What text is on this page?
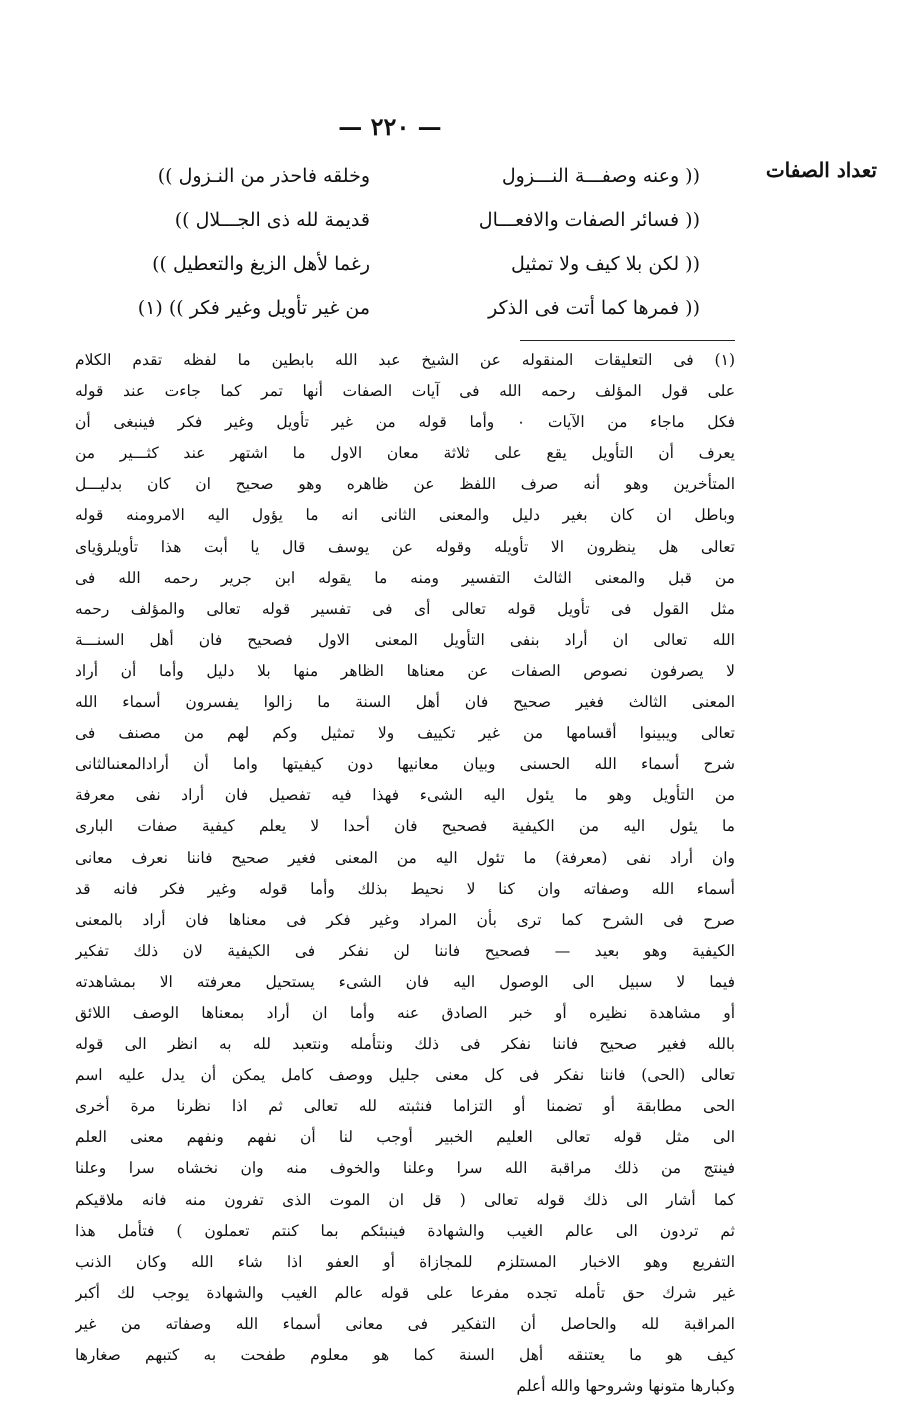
— ٢٢٠ —
تعداد الصفات
(( وعنه وصفـــة النـــزول
وخلقه فاحذر من النـزول ))
(( فسائر الصفات والافعـــال
قديمة لله ذى الجـــلال ))
(( لكن بلا كيف ولا تمثيل
رغما لأهل الزيغ والتعطيل ))
(( فمرها كما أتت فى الذكر
من غير تأويل وغير فكر )) (١)
(١) فى التعليقات المنقوله عن الشيخ عبد الله بابطين ما لفظه تقدم الكلام
على قول المؤلف رحمه الله فى آيات الصفات أنها تمر كما جاءت عند قوله
فكل ماجاء من الآيات ٠ وأما قوله من غير تأويل وغير فكر فينبغى أن
يعرف أن التأويل يقع على ثلاثة معان الاول ما اشتهر عند كثـــير من
المتأخرين وهو أنه صرف اللفظ عن ظاهره وهو صحيح ان كان بدليـــل
وباطل ان كان بغير دليل والمعنى الثانى انه ما يؤول اليه الامرومنه قوله
تعالى هل ينظرون الا تأويله وقوله عن يوسف قال يا أبت هذا تأويلرؤياى
من قبل والمعنى الثالث التفسير ومنه ما يقوله ابن جرير رحمه الله فى
مثل القول فى تأويل قوله تعالى أى فى تفسير قوله تعالى والمؤلف رحمه
الله تعالى ان أراد بنفى التأويل المعنى الاول فصحيح فان أهل السنـــة
لا يصرفون نصوص الصفات عن معناها الظاهر منها بلا دليل وأما أن أراد
المعنى الثالث فغير صحيح فان أهل السنة ما زالوا يفسرون أسماء الله
تعالى ويبينوا أقسامها من غير تكييف ولا تمثيل وكم لهم من مصنف فى
شرح أسماء الله الحسنى وبيان معانيها دون كيفيتها واما أن أرادالمعنىالثانى
من التأويل وهو ما يئول اليه الشىء فهذا فيه تفصيل فان أراد نفى معرفة
ما يئول اليه من الكيفية فصحيح فان أحدا لا يعلم كيفية صفات البارى
وان أراد نفى (معرفة) ما تئول اليه من المعنى فغير صحيح فاننا نعرف معانى
أسماء الله وصفاته وان كنا لا نحيط بذلك وأما قوله وغير فكر فانه قد
صرح فى الشرح كما ترى بأن المراد وغير فكر فى معناها فان أراد بالمعنى
الكيفية وهو بعيد — فصحيح فاننا لن نفكر فى الكيفية لان ذلك تفكير
فيما لا سبيل الى الوصول اليه فان الشىء يستحيل معرفته الا بمشاهدته
أو مشاهدة نظيره أو خبر الصادق عنه وأما ان أراد بمعناها الوصف اللائق
بالله فغير صحيح فاننا نفكر فى ذلك ونتأمله ونتعبد لله به انظر الى قوله
تعالى (الحى) فاننا نفكر فى كل معنى جليل ووصف كامل يمكن أن يدل عليه اسم
الحى مطابقة أو تضمنا أو التزاما فنثبته لله تعالى ثم اذا نظرنا مرة أخرى
الى مثل قوله تعالى العليم الخبير أوجب لنا أن نفهم ونفهم معنى العلم
فينتج من ذلك مراقبة الله سرا وعلنا والخوف منه وان نخشاه سرا وعلنا
كما أشار الى ذلك قوله تعالى ( قل ان الموت الذى تفرون منه فانه ملاقيكم
ثم تردون الى عالم الغيب والشهادة فينبئكم بما كنتم تعملون ) فتأمل هذا
التفريع وهو الاخبار المستلزم للمجازاة أو العفو اذا شاء الله وكان الذنب
غير شرك حق تأمله تجده مفرعا على قوله عالم الغيب والشهادة يوجب لك أكبر
المراقبة لله والحاصل أن التفكير فى معانى أسماء الله وصفاته من غير
كيف هو ما يعتنقه أهل السنة كما هو معلوم طفحت به كتبهم صغارها
وكبارها متونها وشروحها والله أعلم
